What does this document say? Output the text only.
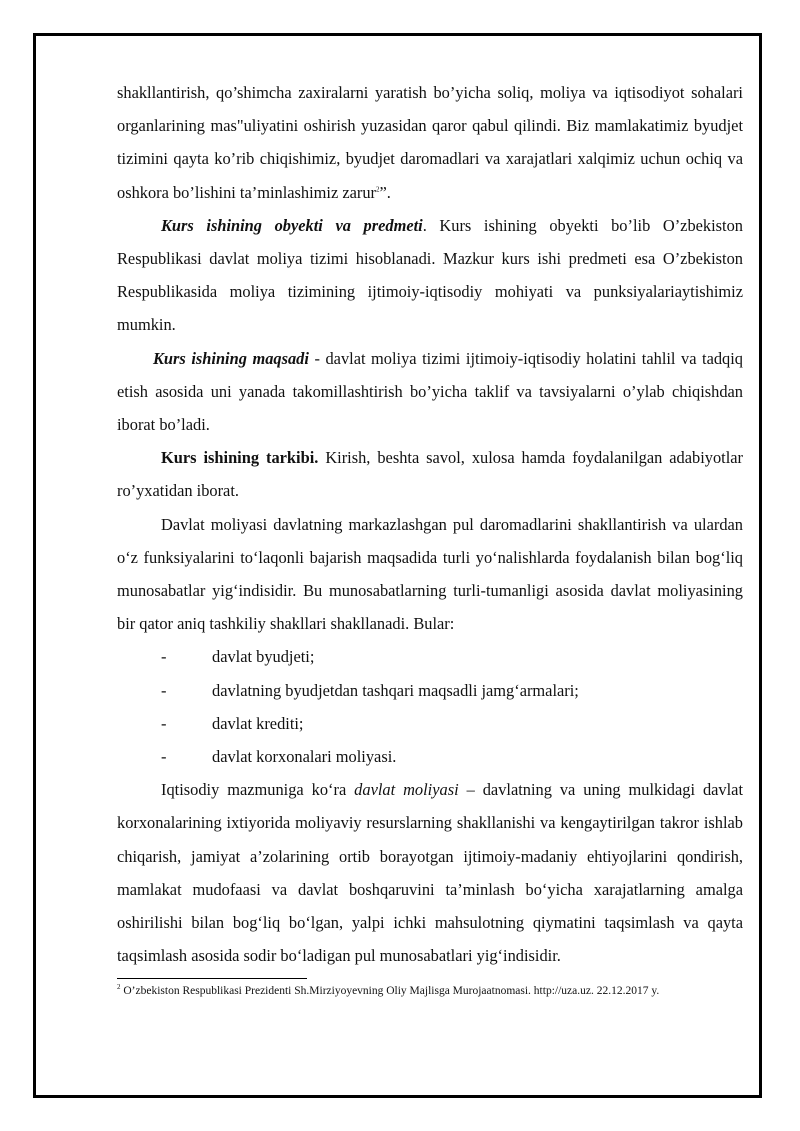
shakllantirish, qo’shimcha zaxiralarni yaratish bo’yicha soliq, moliya va iqtisodiyot sohalari organlarining mas"uliyatini oshirish yuzasidan qaror qabul qilindi. Biz mamlakatimiz byudjet tizimini qayta ko’rib chiqishimiz, byudjet daromadlari va xarajatlari xalqimiz uchun ochiq va oshkora bo’lishini ta’minlashimiz zarur$^2$”.

Kurs ishining obyekti va predmeti. Kurs ishining obyekti bo’lib O’zbekiston Respublikasi davlat moliya tizimi hisoblanadi. Mazkur kurs ishi predmeti esa O’zbekiston Respublikasida moliya tizimining ijtimoiy-iqtisodiy mohiyati va punksiyalariaytishimiz mumkin.

Kurs ishining maqsadi - davlat moliya tizimi ijtimoiy-iqtisodiy holatini tahlil va tadqiq etish asosida uni yanada takomillashtirish bo’yicha taklif va tavsiyalarni o’ylab chiqishdan iborat bo’ladi.

Kurs ishining tarkibi. Kirish, beshta savol, xulosa hamda foydalanilgan adabiyotlar ro’yxatidan iborat.

Davlat moliyasi davlatning markazlashgan pul daromadlarini shakllantirish va ulardan o‘z funksiyalarini to‘laqonli bajarish maqsadida turli yo‘nalishlarda foydalanish bilan bog‘liq munosabatlar yig‘indisidir. Bu munosabatlarning turli-tumanligi asosida davlat moliyasining bir qator aniq tashkiliy shakllari shakllanadi. Bular:

-	davlat byudjeti;
-	davlatning byudjetdan tashqari maqsadli jamg‘armalari;
-	davlat krediti;
-	davlat korxonalari moliyasi.

Iqtisodiy mazmuniga ko‘ra davlat moliyasi – davlatning va uning mulkidagi davlat korxonalarining ixtiyorida moliyaviy resurslarning shakllanishi va kengaytirilgan takror ishlab chiqarish, jamiyat a’zolarining ortib borayotgan ijtimoiy-madaniy ehtiyojlarini qondirish, mamlakat mudofaasi va davlat boshqaruvini ta’minlash bo‘yicha xarajatlarning amalga oshirilishi bilan bog‘liq bo‘lgan, yalpi ichki mahsulotning qiymatini taqsimlash va qayta taqsimlash asosida sodir bo‘ladigan pul munosabatlari yig‘indisidir.

$^2$ O’zbekiston Respublikasi Prezidenti Sh.Mirziyoyevning Oliy Majlisga Murojaatnomasi. http://uza.uz. 22.12.2017 y.
